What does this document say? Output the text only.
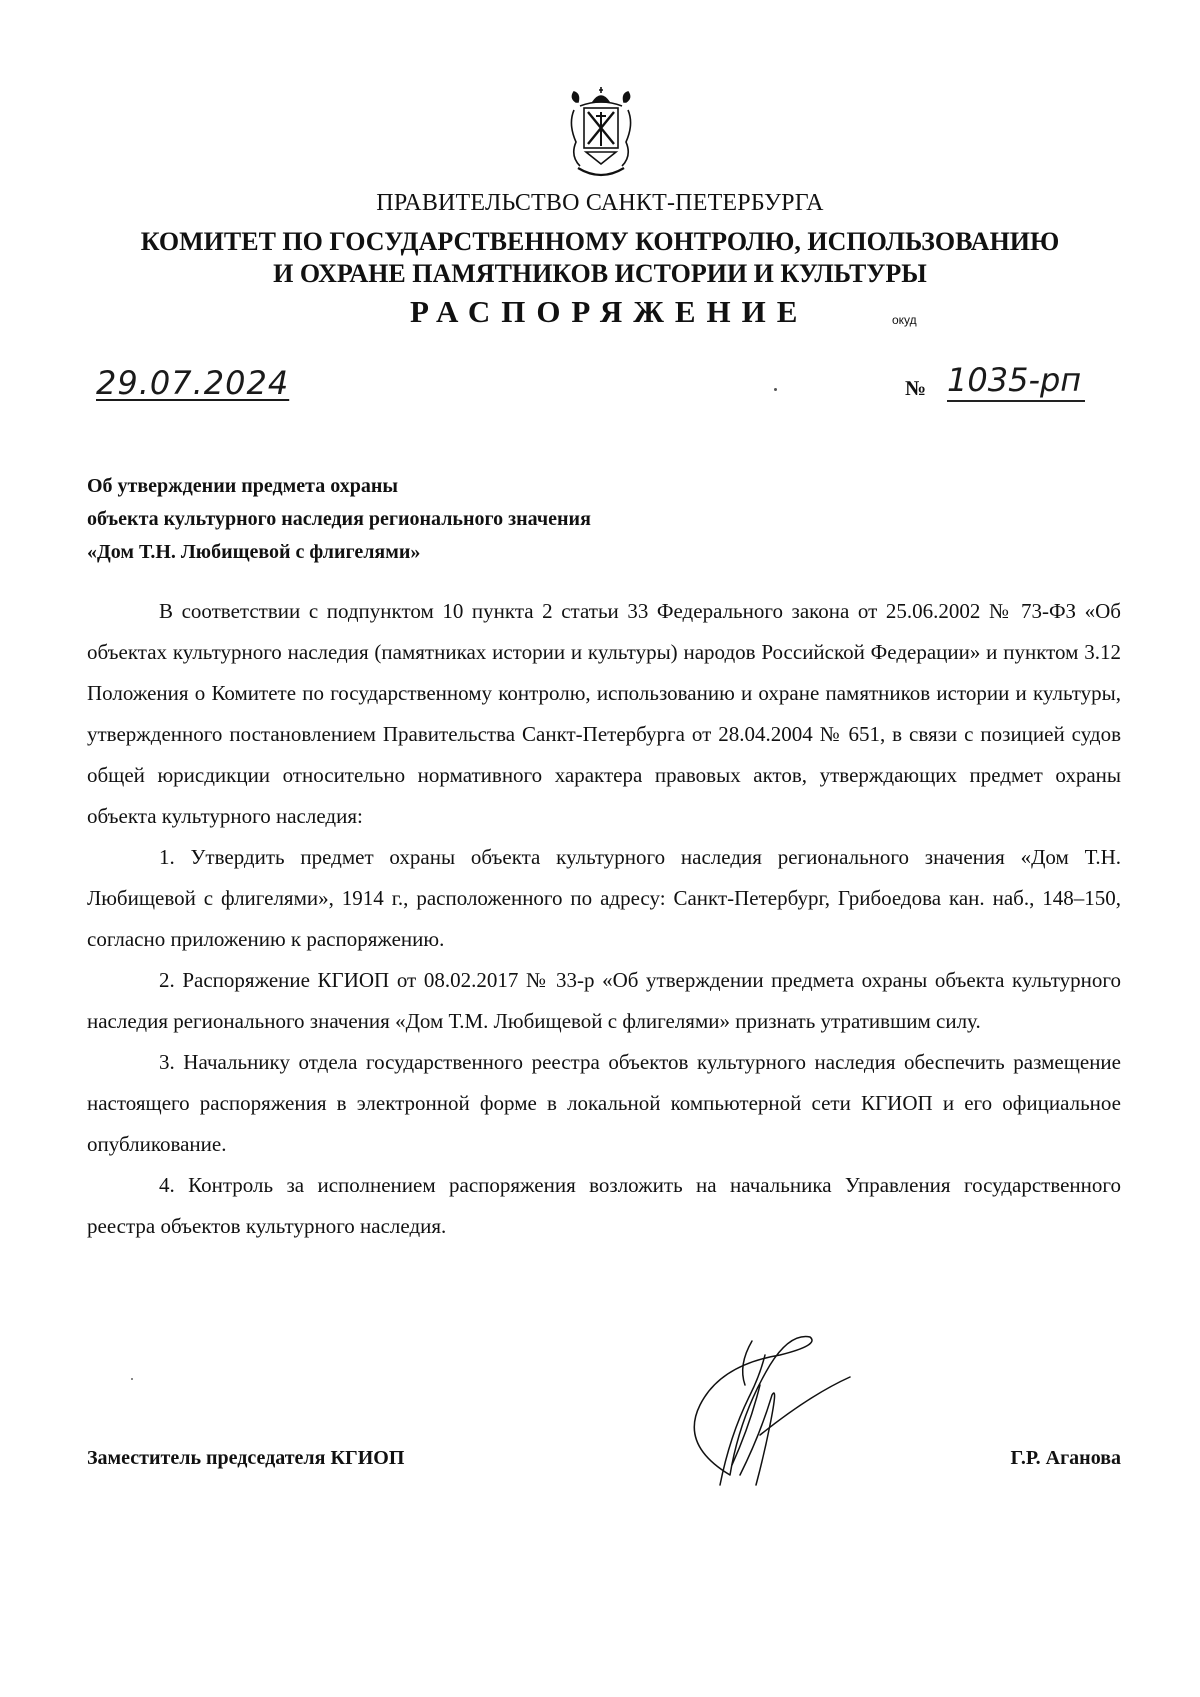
ПРАВИТЕЛЬСТВО САНКТ-ПЕТЕРБУРГА
КОМИТЕТ ПО ГОСУДАРСТВЕННОМУ КОНТРОЛЮ, ИСПОЛЬЗОВАНИЮ
И ОХРАНЕ ПАМЯТНИКОВ ИСТОРИИ И КУЛЬТУРЫ
РАСПОРЯЖЕНИЕ	окуд
29.07.2024	№ 1035-рп
Об утверждении предмета охраны
объекта культурного наследия регионального значения
«Дом Т.Н. Любищевой с флигелями»

В соответствии с подпунктом 10 пункта 2 статьи 33 Федерального закона от 25.06.2002 № 73-ФЗ «Об объектах культурного наследия (памятниках истории и культуры) народов Российской Федерации» и пунктом 3.12 Положения о Комитете по государственному контролю, использованию и охране памятников истории и культуры, утвержденного постановлением Правительства Санкт-Петербурга от 28.04.2004 № 651, в связи с позицией судов общей юрисдикции относительно нормативного характера правовых актов, утверждающих предмет охраны объекта культурного наследия:

1. Утвердить предмет охраны объекта культурного наследия регионального значения «Дом Т.Н. Любищевой с флигелями», 1914 г., расположенного по адресу: Санкт-Петербург, Грибоедова кан. наб., 148–150, согласно приложению к распоряжению.

2. Распоряжение КГИОП от 08.02.2017 № 33-р «Об утверждении предмета охраны объекта культурного наследия регионального значения «Дом Т.М. Любищевой с флигелями» признать утратившим силу.

3. Начальнику отдела государственного реестра объектов культурного наследия обеспечить размещение настоящего распоряжения в электронной форме в локальной компьютерной сети КГИОП и его официальное опубликование.

4. Контроль за исполнением распоряжения возложить на начальника Управления государственного реестра объектов культурного наследия.

Заместитель председателя КГИОП	Г.Р. Аганова
